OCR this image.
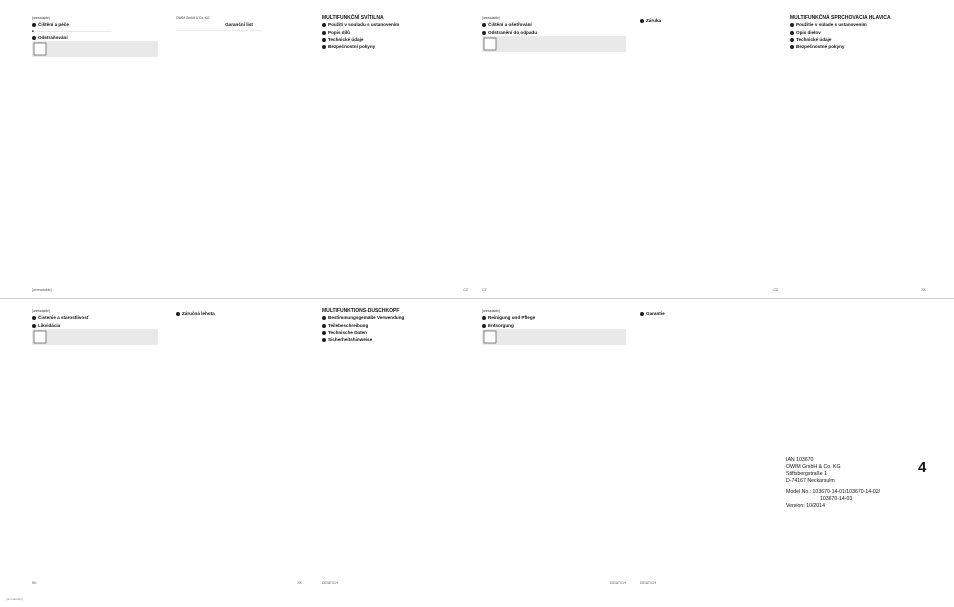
[unreadable]
Čištění a péče
■ ………………………………………………………………
Odstraňování
[unreadable]
OWIM GmbH & Co. KG
Garanční list
………………………………………………………………………
MULTIFUNKČNÍ SVÍTILNA
Použití v souladu s ustanovením
Popis dílů
Technické údaje
Bezpečnostní pokyny
CZ
[unreadable]
Čištění a ošetřování
Odstranění do odpadu
CZ
Záruka
CZ
MULTIFUNKČNÁ SPRCHOVACIA HLAVICA
Použitie v súlade s ustanovením
Opis dielov
Technické údaje
Bezpečnostné pokyny
SK
[unreadable]
Čistenie a starostlivosť
Likvidácia
SK
Záručná lehota
SK
MULTIFUNKTIONS-DUSCHKOPF
Bestimmungsgemäße Verwendung
Teilebeschreibung
Technische Daten
Sicherheitshinweise
DE/AT/CH
[unreadable]
Reinigung und Pflege
Entsorgung
DE/AT/CH
Garantie
DE/AT/CH
IAN 103670
OWIM GmbH & Co. KG
Stiftsbergstraße 1
D-74167 Neckarsulm
Model No.: 103670-14-01/103670-14-02/
103670-14-03
Version: 10/2014
4
[unreadable]
